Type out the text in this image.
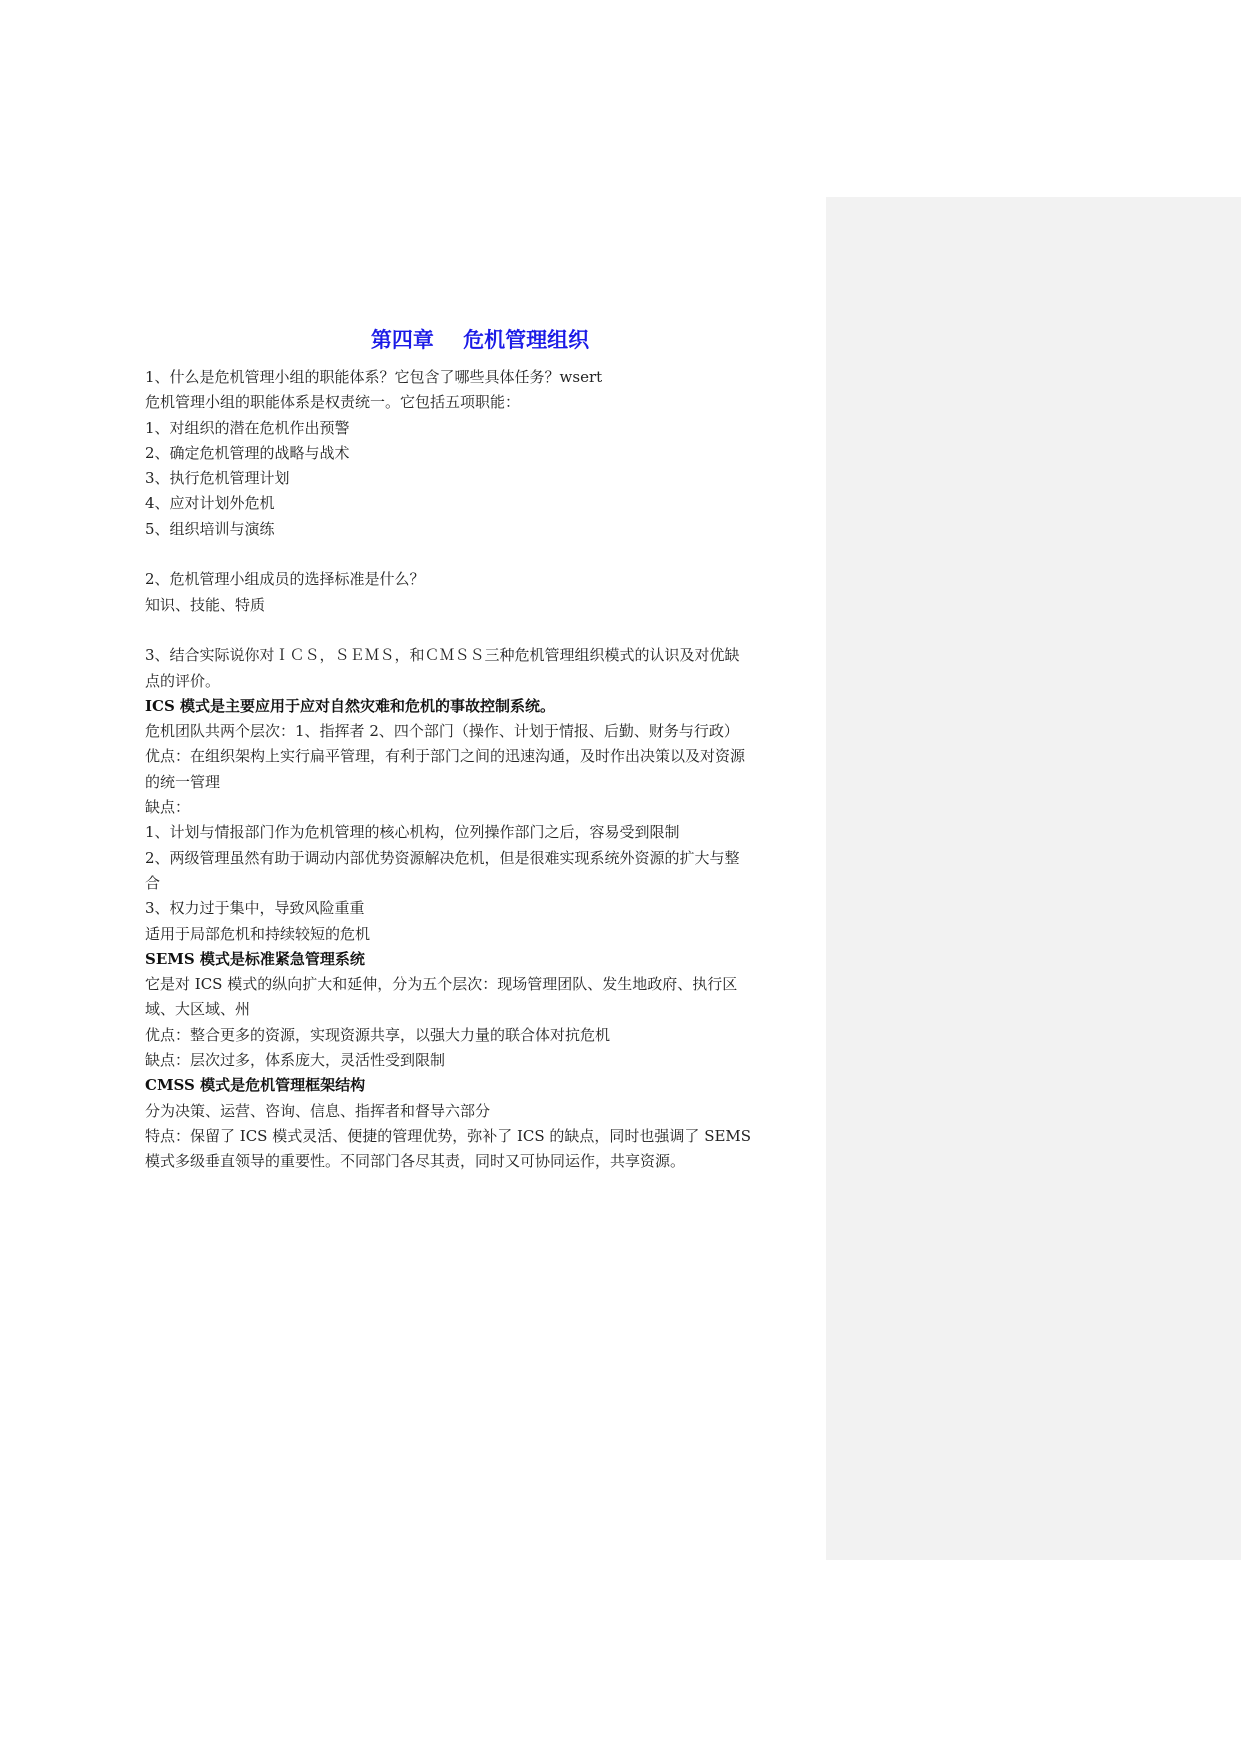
第四章    危机管理组织
1、什么是危机管理小组的职能体系？它包含了哪些具体任务？wsert
危机管理小组的职能体系是权责统一。它包括五项职能：
1、对组织的潜在危机作出预警
2、确定危机管理的战略与战术
3、执行危机管理计划
4、应对计划外危机
5、组织培训与演练
2、危机管理小组成员的选择标准是什么？
知识、技能、特质
3、结合实际说你对ＩＣＳ，ＳＥＭＳ，和ＣＭＳＳ三种危机管理组织模式的认识及对优缺
点的评价。
ICS 模式是主要应用于应对自然灾难和危机的事故控制系统。
危机团队共两个层次：1、指挥者 2、四个部门（操作、计划于情报、后勤、财务与行政）
优点：在组织架构上实行扁平管理，有利于部门之间的迅速沟通，及时作出决策以及对资源
的统一管理
缺点：
1、计划与情报部门作为危机管理的核心机构，位列操作部门之后，容易受到限制
2、两级管理虽然有助于调动内部优势资源解决危机，但是很难实现系统外资源的扩大与整
合
3、权力过于集中，导致风险重重
适用于局部危机和持续较短的危机
SEMS 模式是标准紧急管理系统
它是对 ICS 模式的纵向扩大和延伸，分为五个层次：现场管理团队、发生地政府、执行区
域、大区域、州
优点：整合更多的资源，实现资源共享，以强大力量的联合体对抗危机
缺点：层次过多，体系庞大，灵活性受到限制
CMSS 模式是危机管理框架结构
分为决策、运营、咨询、信息、指挥者和督导六部分
特点：保留了 ICS 模式灵活、便捷的管理优势，弥补了 ICS 的缺点，同时也强调了 SEMS
模式多级垂直领导的重要性。不同部门各尽其责，同时又可协同运作，共享资源。
